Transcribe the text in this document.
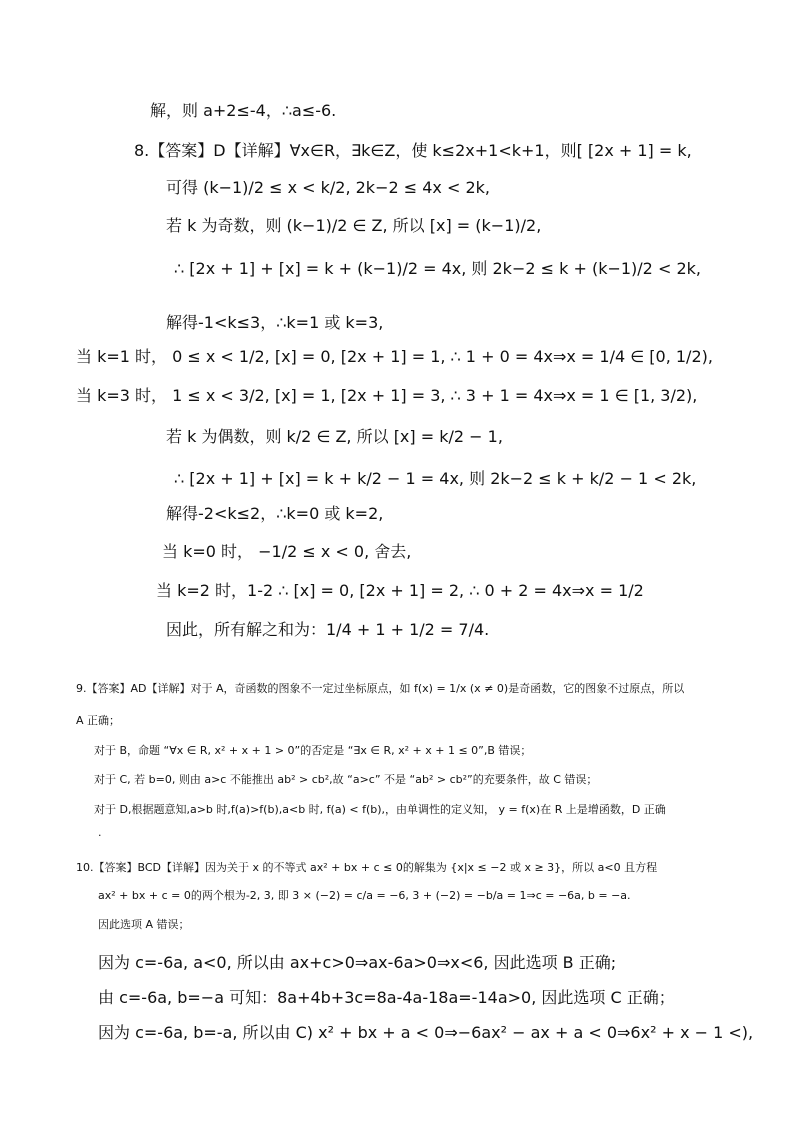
解，则 a+2≤-4，∴a≤-6.
8.【答案】D【详解】∀x∈R，∃k∈Z，使 k≤2x+1<k+1，则[ [2x + 1] = k,
可得 (k−1)/2 ≤ x < k/2, 2k−2 ≤ 4x < 2k,
若 k 为奇数，则 (k−1)/2 ∈ Z, 所以 [x] = (k−1)/2,
∴ [2x + 1] + [x] = k + (k−1)/2 = 4x, 则 2k−2 ≤ k + (k−1)/2 < 2k,
解得-1<k≤3，∴k=1 或 k=3,
当 k=1 时， 0 ≤ x < 1/2, [x] = 0, [2x + 1] = 1, ∴ 1 + 0 = 4x⇒x = 1/4 ∈ [0, 1/2),
当 k=3 时， 1 ≤ x < 3/2, [x] = 1, [2x + 1] = 3, ∴ 3 + 1 = 4x⇒x = 1 ∈ [1, 3/2),
若 k 为偶数，则 k/2 ∈ Z, 所以 [x] = k/2 − 1,
∴ [2x + 1] + [x] = k + k/2 − 1 = 4x, 则 2k−2 ≤ k + k/2 − 1 < 2k,
解得-2<k≤2，∴k=0 或 k=2,
当 k=0 时， −1/2 ≤ x < 0, 舍去,
当 k=2 时，1-2 ∴ [x] = 0, [2x + 1] = 2, ∴ 0 + 2 = 4x⇒x = 1/2
因此，所有解之和为：1/4 + 1 + 1/2 = 7/4.
9.【答案】AD【详解】对于 A，奇函数的图象不一定过坐标原点，如 f(x) = 1/x (x ≠ 0)是奇函数，它的图象不过原点，所以
A 正确；
对于 B，命题 “∀x ∈ R, x² + x + 1 > 0”的否定是 “∃x ∈ R, x² + x + 1 ≤ 0”,B 错误；
对于 C, 若 b=0, 则由 a>c 不能推出 ab² > cb²,故 “a>c” 不是 “ab² > cb²”的充要条件，故 C 错误；
对于 D,根据题意知,a>b 时,f(a)>f(b),a<b 时, f(a) < f(b),，由单调性的定义知， y = f(x)在 R 上是增函数，D 正确
.
10.【答案】BCD【详解】因为关于 x 的不等式 ax² + bx + c ≤ 0的解集为 {x|x ≤ −2 或 x ≥ 3}，所以 a<0 且方程
ax² + bx + c = 0的两个根为-2, 3, 即 3 × (−2) = c/a = −6, 3 + (−2) = −b/a = 1⇒c = −6a, b = −a.
因此选项 A 错误；
因为 c=-6a, a<0, 所以由 ax+c>0⇒ax-6a>0⇒x<6, 因此选项 B 正确;
由 c=-6a, b=−a 可知：8a+4b+3c=8a-4a-18a=-14a>0, 因此选项 C 正确；
因为 c=-6a, b=-a, 所以由 C) x² + bx + a < 0⇒−6ax² − ax + a < 0⇒6x² + x − 1 <),
